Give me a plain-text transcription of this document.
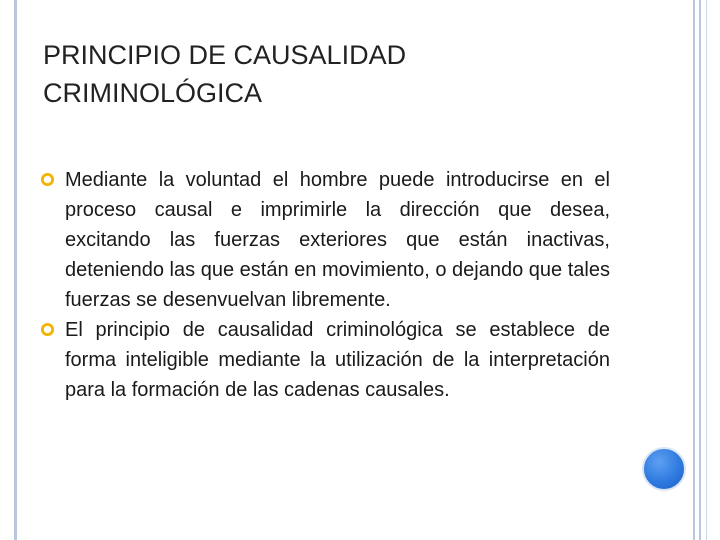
PRINCIPIO DE CAUSALIDAD
CRIMINOLÓGICA
Mediante la voluntad el hombre puede introducirse en el proceso causal e imprimirle la dirección que desea, excitando las fuerzas exteriores que están inactivas, deteniendo las que están en movimiento, o dejando que tales fuerzas se desenvuelvan libremente.
El principio de causalidad criminológica se establece de forma inteligible mediante la utilización de la interpretación para la formación de las cadenas causales.
